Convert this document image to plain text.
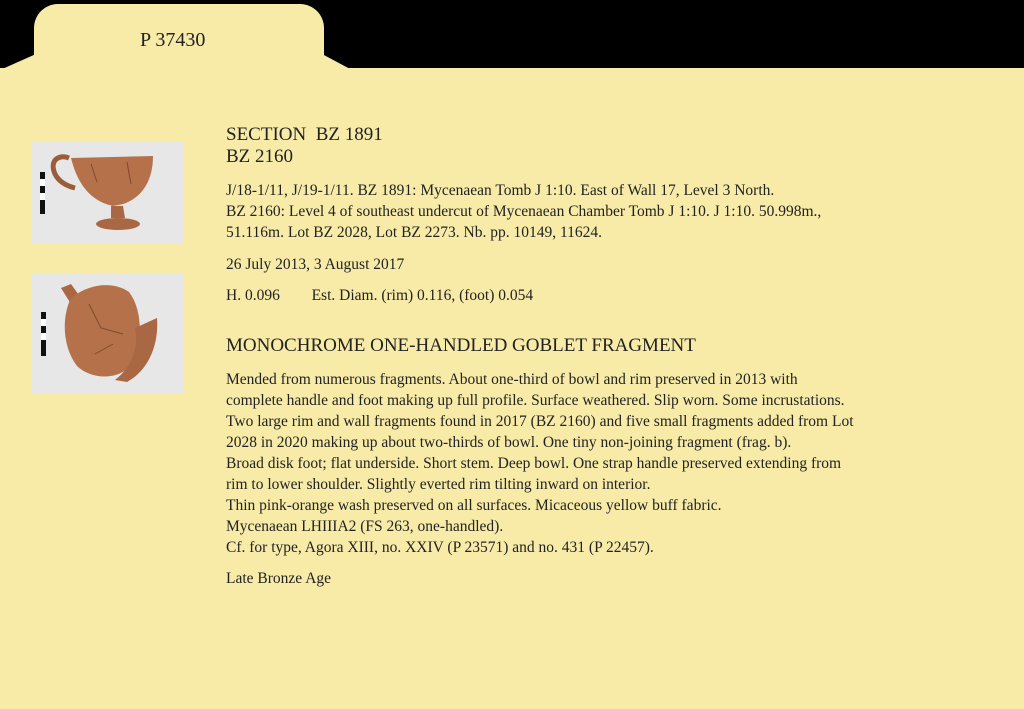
P 37430
SECTION  BZ 1891
BZ 2160
J/18-1/11, J/19-1/11. BZ 1891: Mycenaean Tomb J 1:10. East of Wall 17, Level 3 North.
BZ 2160: Level 4 of southeast undercut of Mycenaean Chamber Tomb J 1:10. J 1:10. 50.998m.,
51.116m. Lot BZ 2028, Lot BZ 2273. Nb. pp. 10149, 11624.
26 July 2013, 3 August 2017
H. 0.096 Est. Diam. (rim) 0.116, (foot) 0.054
MONOCHROME ONE-HANDLED GOBLET FRAGMENT
Mended from numerous fragments. About one-third of bowl and rim preserved in 2013 with
complete handle and foot making up full profile. Surface weathered. Slip worn. Some incrustations.
Two large rim and wall fragments found in 2017 (BZ 2160) and five small fragments added from Lot
2028 in 2020 making up about two-thirds of bowl. One tiny non-joining fragment (frag. b).
Broad disk foot; flat underside. Short stem. Deep bowl. One strap handle preserved extending from
rim to lower shoulder. Slightly everted rim tilting inward on interior.
Thin pink-orange wash preserved on all surfaces. Micaceous yellow buff fabric.
Mycenaean LHIIIA2 (FS 263, one-handled).
Cf. for type, Agora XIII, no. XXIV (P 23571) and no. 431 (P 22457).
Late Bronze Age
